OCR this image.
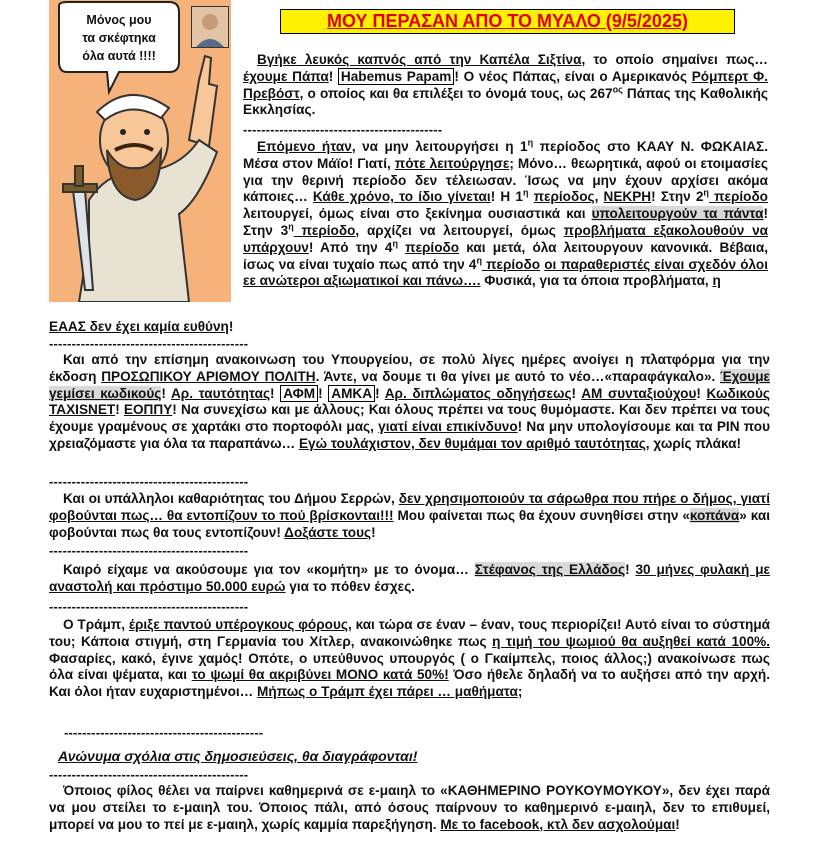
Μόνος μου
τα σκέφτηκα
όλα αυτά !!!!
ΜΟΥ ΠΕΡΑΣΑΝ ΑΠΟ ΤΟ ΜΥΑΛΟ (9/5/2025)
Βγήκε λευκός καπνός από την Καπέλα Σιξτίνα, το οποίο σημαίνει πως… έχουμε Πάπα! Habemus Papam ! Ο νέος Πάπας, είναι ο Αμερικανός Ρόμπερτ Φ. Πρεβόστ, ο οποίος και θα επιλέξει το όνομά τους, ως $267^{o\varsigma}$ Πάπας της Καθολικής Εκκλησίας.
--------------------------------------------
Επόμενο ήταν, να μην λειτουργήσει η $1^\eta$ περίοδος στο ΚΑΑΥ Ν. ΦΩΚΑΙΑΣ. Μέσα στον Μάϊο! Γιατί, πότε λειτούργησε; Μόνο… θεωρητικά, αφού οι ετοιμασίες για την θερινή περίοδο δεν τέλειωσαν. Ίσως να μην έχουν αρχίσει ακόμα κάποιες… Κάθε χρόνο, το ίδιο γίνεται! Η $1^\eta$ περίοδος, ΝΕΚΡΗ! Στην $2^\eta$ περίοδο λειτουργεί, όμως είναι στο ξεκίνημα ουσιαστικά και υπολειτουργούν τα πάντα! Στην $3^\eta$ περίοδο, αρχίζει να λειτουργεί, όμως προβλήματα εξακολουθούν να υπάρχουν! Από την $4^\eta$ περίοδο και μετά, όλα λειτουργουν κανονικά. Βέβαια, ίσως να είναι τυχαίο πως από την $4^\eta$ περίοδο οι παραθεριστές είναι σχεδόν όλοι εε ανώτεροι αξιωματικοί και πάνω…. Φυσικά, για τα όποια προβλήματα, η
ΕΑΑΣ δεν έχει καμία ευθύνη!
--------------------------------------------
Και από την επίσημη ανακοινωση του Υπουργείου, σε πολύ λίγες ημέρες ανοίγει η πλατφόρμα για την έκδοση ΠΡΟΣΩΠΙΚΟΥ ΑΡΙΘΜΟΥ ΠΟΛΙΤΗ. Άντε, να δουμε τι θα γίνει με αυτό το νέο…«παραφάγκαλο». Έχουμε γεμίσει κωδικούς! Αρ. ταυτότητας! ΑΦΜ ! ΑΜΚΑ ! Αρ. διπλώματος οδηγήσεως! ΑΜ συνταξιούχου! Κωδικούς TAXISNET! ΕΟΠΠΥ! Να συνεχίσω και με άλλους; Και όλους πρέπει να τους θυμόμαστε. Και δεν πρέπει να τους έχουμε γραμένους σε χαρτάκι στο πορτοφόλι μας, γιατί είναι επικίνδυνο! Να μην υπολογίσουμε και τα PIN που χρειαζόμαστε για όλα τα παραπάνω… Εγώ τουλάχιστον, δεν θυμάμαι τον αριθμό ταυτότητας, χωρίς πλάκα!
--------------------------------------------
Και οι υπάλληλοι καθαριότητας του Δήμου Σερρών, δεν χρησιμοποιούν τα σάρωθρα που πήρε ο δήμος, γιατί φοβούνται πως… θα εντοπίζουν το πού βρίσκονται!!! Μου φαίνεται πως θα έχουν συνηθίσει στην «κοπάνα» και φοβούνται πως θα τους εντοπίζουν! Δοξάστε τους!
--------------------------------------------
Καιρό είχαμε να ακούσουμε για τον «κομήτη» με το όνομα… Στέφανος της Ελλάδος! 30 μήνες φυλακή με αναστολή και πρόστιμο 50.000 ευρώ για το πόθεν έσχες.
--------------------------------------------
Ο Τράμπ, έριξε παντού υπέρογκους φόρους, και τώρα σε έναν – έναν, τους περιορίζει! Αυτό είναι το σύστημά του; Κάποια στιγμή, στη Γερμανία του Χίτλερ, ανακοινώθηκε πως η τιμή του ψωμιού θα αυξηθεί κατά 100%. Φασαρίες, κακό, έγινε χαμός! Οπότε, ο υπεύθυνος υπουργός ( ο Γκαίμπελς, ποιος άλλος;) ανακοίνωσε πως όλα είναι ψέματα, και το ψωμί θα ακριβύνει ΜΟΝΟ κατά 50%! Όσο ήθελε δηλαδή να το αυξήσει από την αρχή. Και όλοι ήταν ευχαριστημένοι… Μήπως ο Τράμπ έχει πάρει … μαθήματα;
--------------------------------------------
Ανώνυμα σχόλια στις δημοσιεύσεις, θα διαγράφονται!
--------------------------------------------
Όποιος φίλος θέλει να παίρνει καθημερινά σε ε-μαιηλ το «ΚΑΘΗΜΕΡΙΝΟ ΡΟΥΚΟΥΜΟΥΚΟΥ», δεν έχει παρά να μου στείλει το ε-μαιηλ του. Όποιος πάλι, από όσους παίρνουν το καθημερινό ε-μαιηλ, δεν το επιθυμεί, μπορεί να μου το πεί με ε-μαιηλ, χωρίς καμμία παρεξήγηση. Με το facebook, κτλ δεν ασχολούμαι!
